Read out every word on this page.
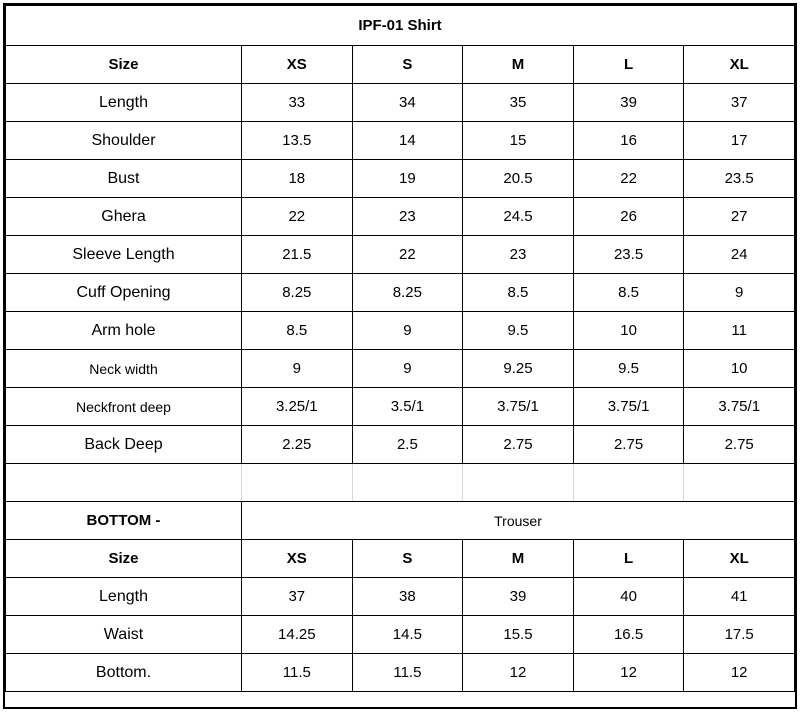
IPF-01 Shirt					
Size	XS	S	M	L	XL
Length	33	34	35	39	37
Shoulder	13.5	14	15	16	17
Bust	18	19	20.5	22	23.5
Ghera	22	23	24.5	26	27
Sleeve Length	21.5	22	23	23.5	24
Cuff Opening	8.25	8.25	8.5	8.5	9
Arm hole	8.5	9	9.5	10	11
Neck width	9	9	9.25	9.5	10
Neckfront deep	3.25/1	3.5/1	3.75/1	3.75/1	3.75/1
Back Deep	2.25	2.5	2.75	2.75	2.75

BOTTOM -	Trouser				
Size	XS	S	M	L	XL
Length	37	38	39	40	41
Waist	14.25	14.5	15.5	16.5	17.5
Bottom.	11.5	11.5	12	12	12
